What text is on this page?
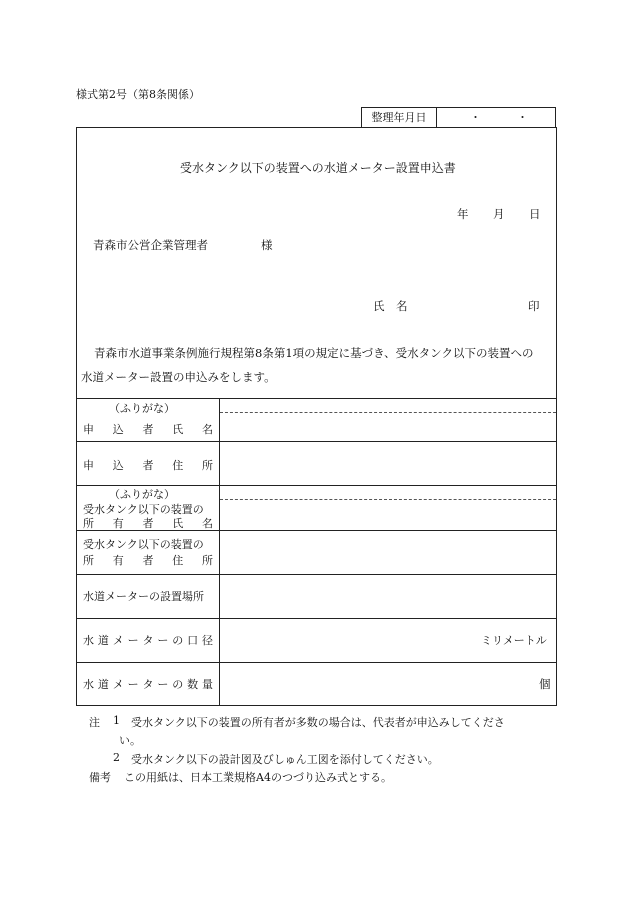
様式第2号（第8条関係）
整理年月日	・	・
受水タンク以下の装置への水道メーター設置申込書
年 月 日
青森市公営企業管理者	様
氏 名	印
青森市水道事業条例施行規程第8条第1項の規定に基づき、受水タンク以下の装置への
水道メーター設置の申込みをします。
（ふりがな）
申 込 者 氏 名
申 込 者 住 所
（ふりがな）
受水タンク以下の装置の
所 有 者 氏 名
受水タンク以下の装置の
所 有 者 住 所
水道メーターの設置場所
水 道 メ ー タ ー の 口 径	ミリメートル
水 道 メ ー タ ー の 数 量	個
注 1 受水タンク以下の装置の所有者が多数の場合は、代表者が申込みしてくださ
い。
2 受水タンク以下の設計図及びしゅん工図を添付してください。
備考 この用紙は、日本工業規格A4のつづり込み式とする。
